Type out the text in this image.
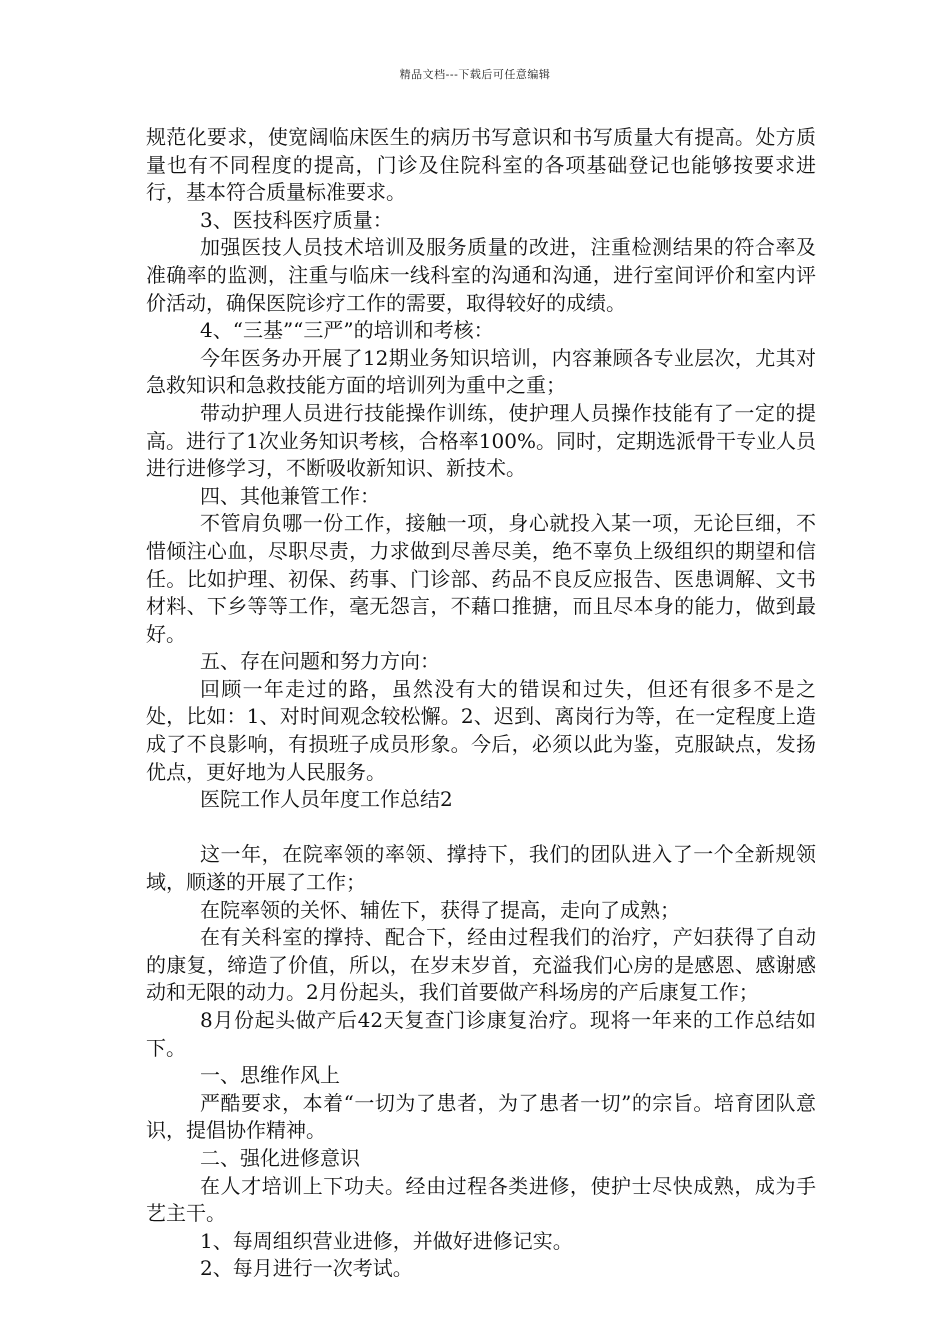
精品文档---下载后可任意编辑

规范化要求，使宽阔临床医生的病历书写意识和书写质量大有提高。处方质量也有不同程度的提高，门诊及住院科室的各项基础登记也能够按要求进行，基本符合质量标准要求。

3、医技科医疗质量：

加强医技人员技术培训及服务质量的改进，注重检测结果的符合率及准确率的监测，注重与临床一线科室的沟通和沟通，进行室间评价和室内评价活动，确保医院诊疗工作的需要，取得较好的成绩。

4、“三基”“三严”的培训和考核：

今年医务办开展了12期业务知识培训，内容兼顾各专业层次，尤其对急救知识和急救技能方面的培训列为重中之重；

带动护理人员进行技能操作训练，使护理人员操作技能有了一定的提高。进行了1次业务知识考核，合格率100%。同时，定期选派骨干专业人员进行进修学习，不断吸收新知识、新技术。

四、其他兼管工作：

不管肩负哪一份工作，接触一项，身心就投入某一项，无论巨细，不惜倾注心血，尽职尽责，力求做到尽善尽美，绝不辜负上级组织的期望和信任。比如护理、初保、药事、门诊部、药品不良反应报告、医患调解、文书材料、下乡等等工作，毫无怨言，不藉口推搪，而且尽本身的能力，做到最好。

五、存在问题和努力方向：

回顾一年走过的路，虽然没有大的错误和过失，但还有很多不是之处，比如：1、对时间观念较松懈。2、迟到、离岗行为等，在一定程度上造成了不良影响，有损班子成员形象。今后，必须以此为鉴，克服缺点，发扬优点，更好地为人民服务。

医院工作人员年度工作总结2

这一年，在院率领的率领、撑持下，我们的团队进入了一个全新规领域，顺遂的开展了工作；

在院率领的关怀、辅佐下，获得了提高，走向了成熟；

在有关科室的撑持、配合下，经由过程我们的治疗，产妇获得了自动的康复，缔造了价值，所以，在岁末岁首，充溢我们心房的是感恩、感谢感动和无限的动力。2月份起头，我们首要做产科场房的产后康复工作；

8月份起头做产后42天复查门诊康复治疗。现将一年来的工作总结如下。

一、思维作风上

严酷要求，本着“一切为了患者，为了患者一切”的宗旨。培育团队意识，提倡协作精神。

二、强化进修意识

在人才培训上下功夫。经由过程各类进修，使护士尽快成熟，成为手艺主干。

1、每周组织营业进修，并做好进修记实。

2、每月进行一次考试。
